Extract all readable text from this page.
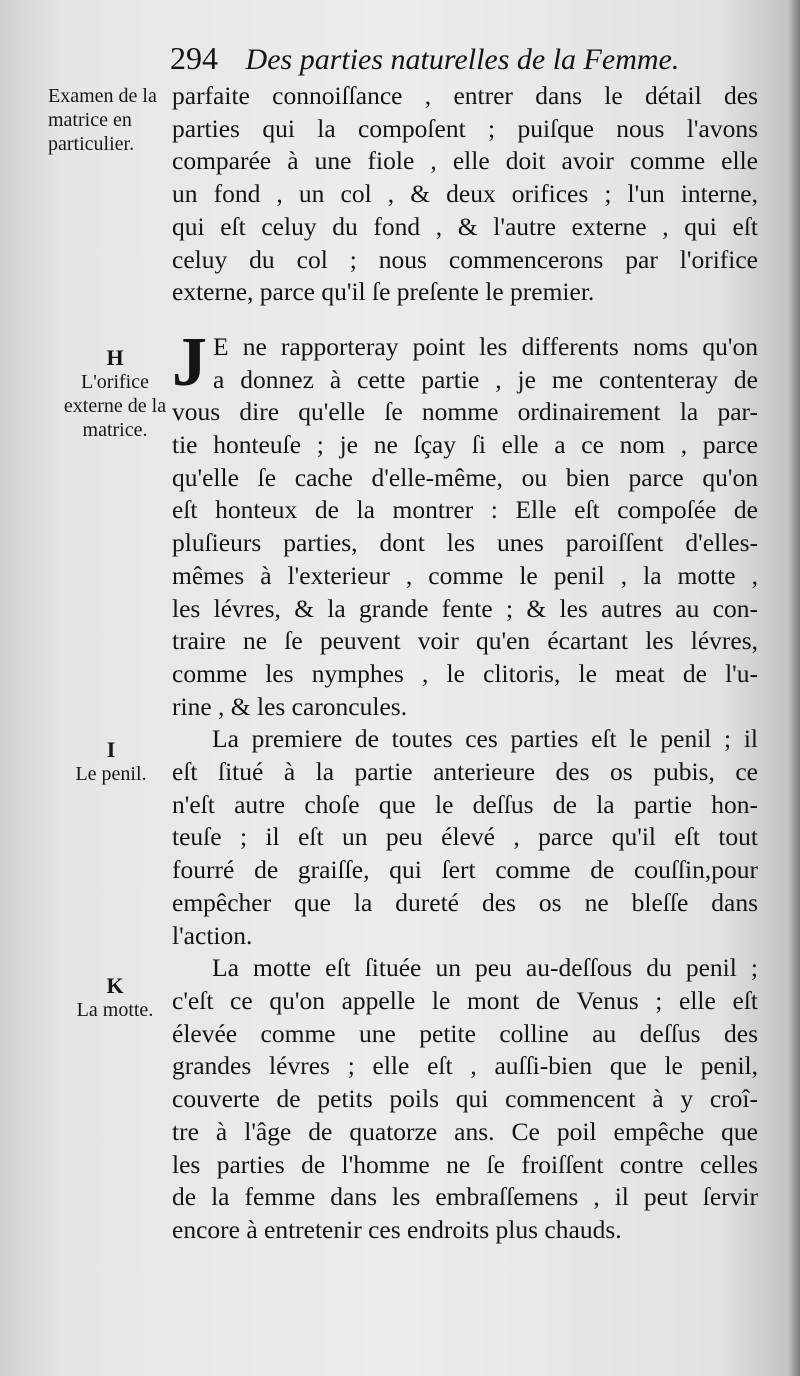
294 Des parties naturelles de la Femme.
Examen de la matrice en particulier.
H
L'orifice externe de la matrice.
I
Le penil.
K
La motte.

parfaite connoiſſance , entrer dans le détail des
parties qui la compoſent ; puiſque nous l'avons
comparée à une fiole , elle doit avoir comme elle
un fond , un col , & deux orifices ; l'un interne,
qui eſt celuy du fond , & l'autre externe , qui eſt
celuy du col ; nous commencerons par l'orifice
externe, parce qu'il ſe preſente le premier.

J E ne rapporteray point les differents noms qu'on
a donnez à cette partie , je me contenteray de
vous dire qu'elle ſe nomme ordinairement la par-
tie honteuſe ; je ne ſçay ſi elle a ce nom , parce
qu'elle ſe cache d'elle-même, ou bien parce qu'on
eſt honteux de la montrer : Elle eſt compoſée de
pluſieurs parties, dont les unes paroiſſent d'elles-
mêmes à l'exterieur , comme le penil , la motte ,
les lévres, & la grande fente ; & les autres au con-
traire ne ſe peuvent voir qu'en écartant les lévres,
comme les nymphes , le clitoris, le meat de l'u-
rine , & les caroncules.

La premiere de toutes ces parties eſt le penil ; il
eſt ſitué à la partie anterieure des os pubis, ce
n'eſt autre choſe que le deſſus de la partie hon-
teuſe ; il eſt un peu élevé , parce qu'il eſt tout
fourré de graiſſe, qui ſert comme de couſſin,pour
empêcher que la dureté des os ne bleſſe dans
l'action.

La motte eſt ſituée un peu au-deſſous du penil ;
c'eſt ce qu'on appelle le mont de Venus ; elle eſt
élevée comme une petite colline au deſſus des
grandes lévres ; elle eſt , auſſi-bien que le penil,
couverte de petits poils qui commencent à y croî-
tre à l'âge de quatorze ans. Ce poil empêche que
les parties de l'homme ne ſe froiſſent contre celles
de la femme dans les embraſſemens , il peut ſervir
encore à entretenir ces endroits plus chauds.
